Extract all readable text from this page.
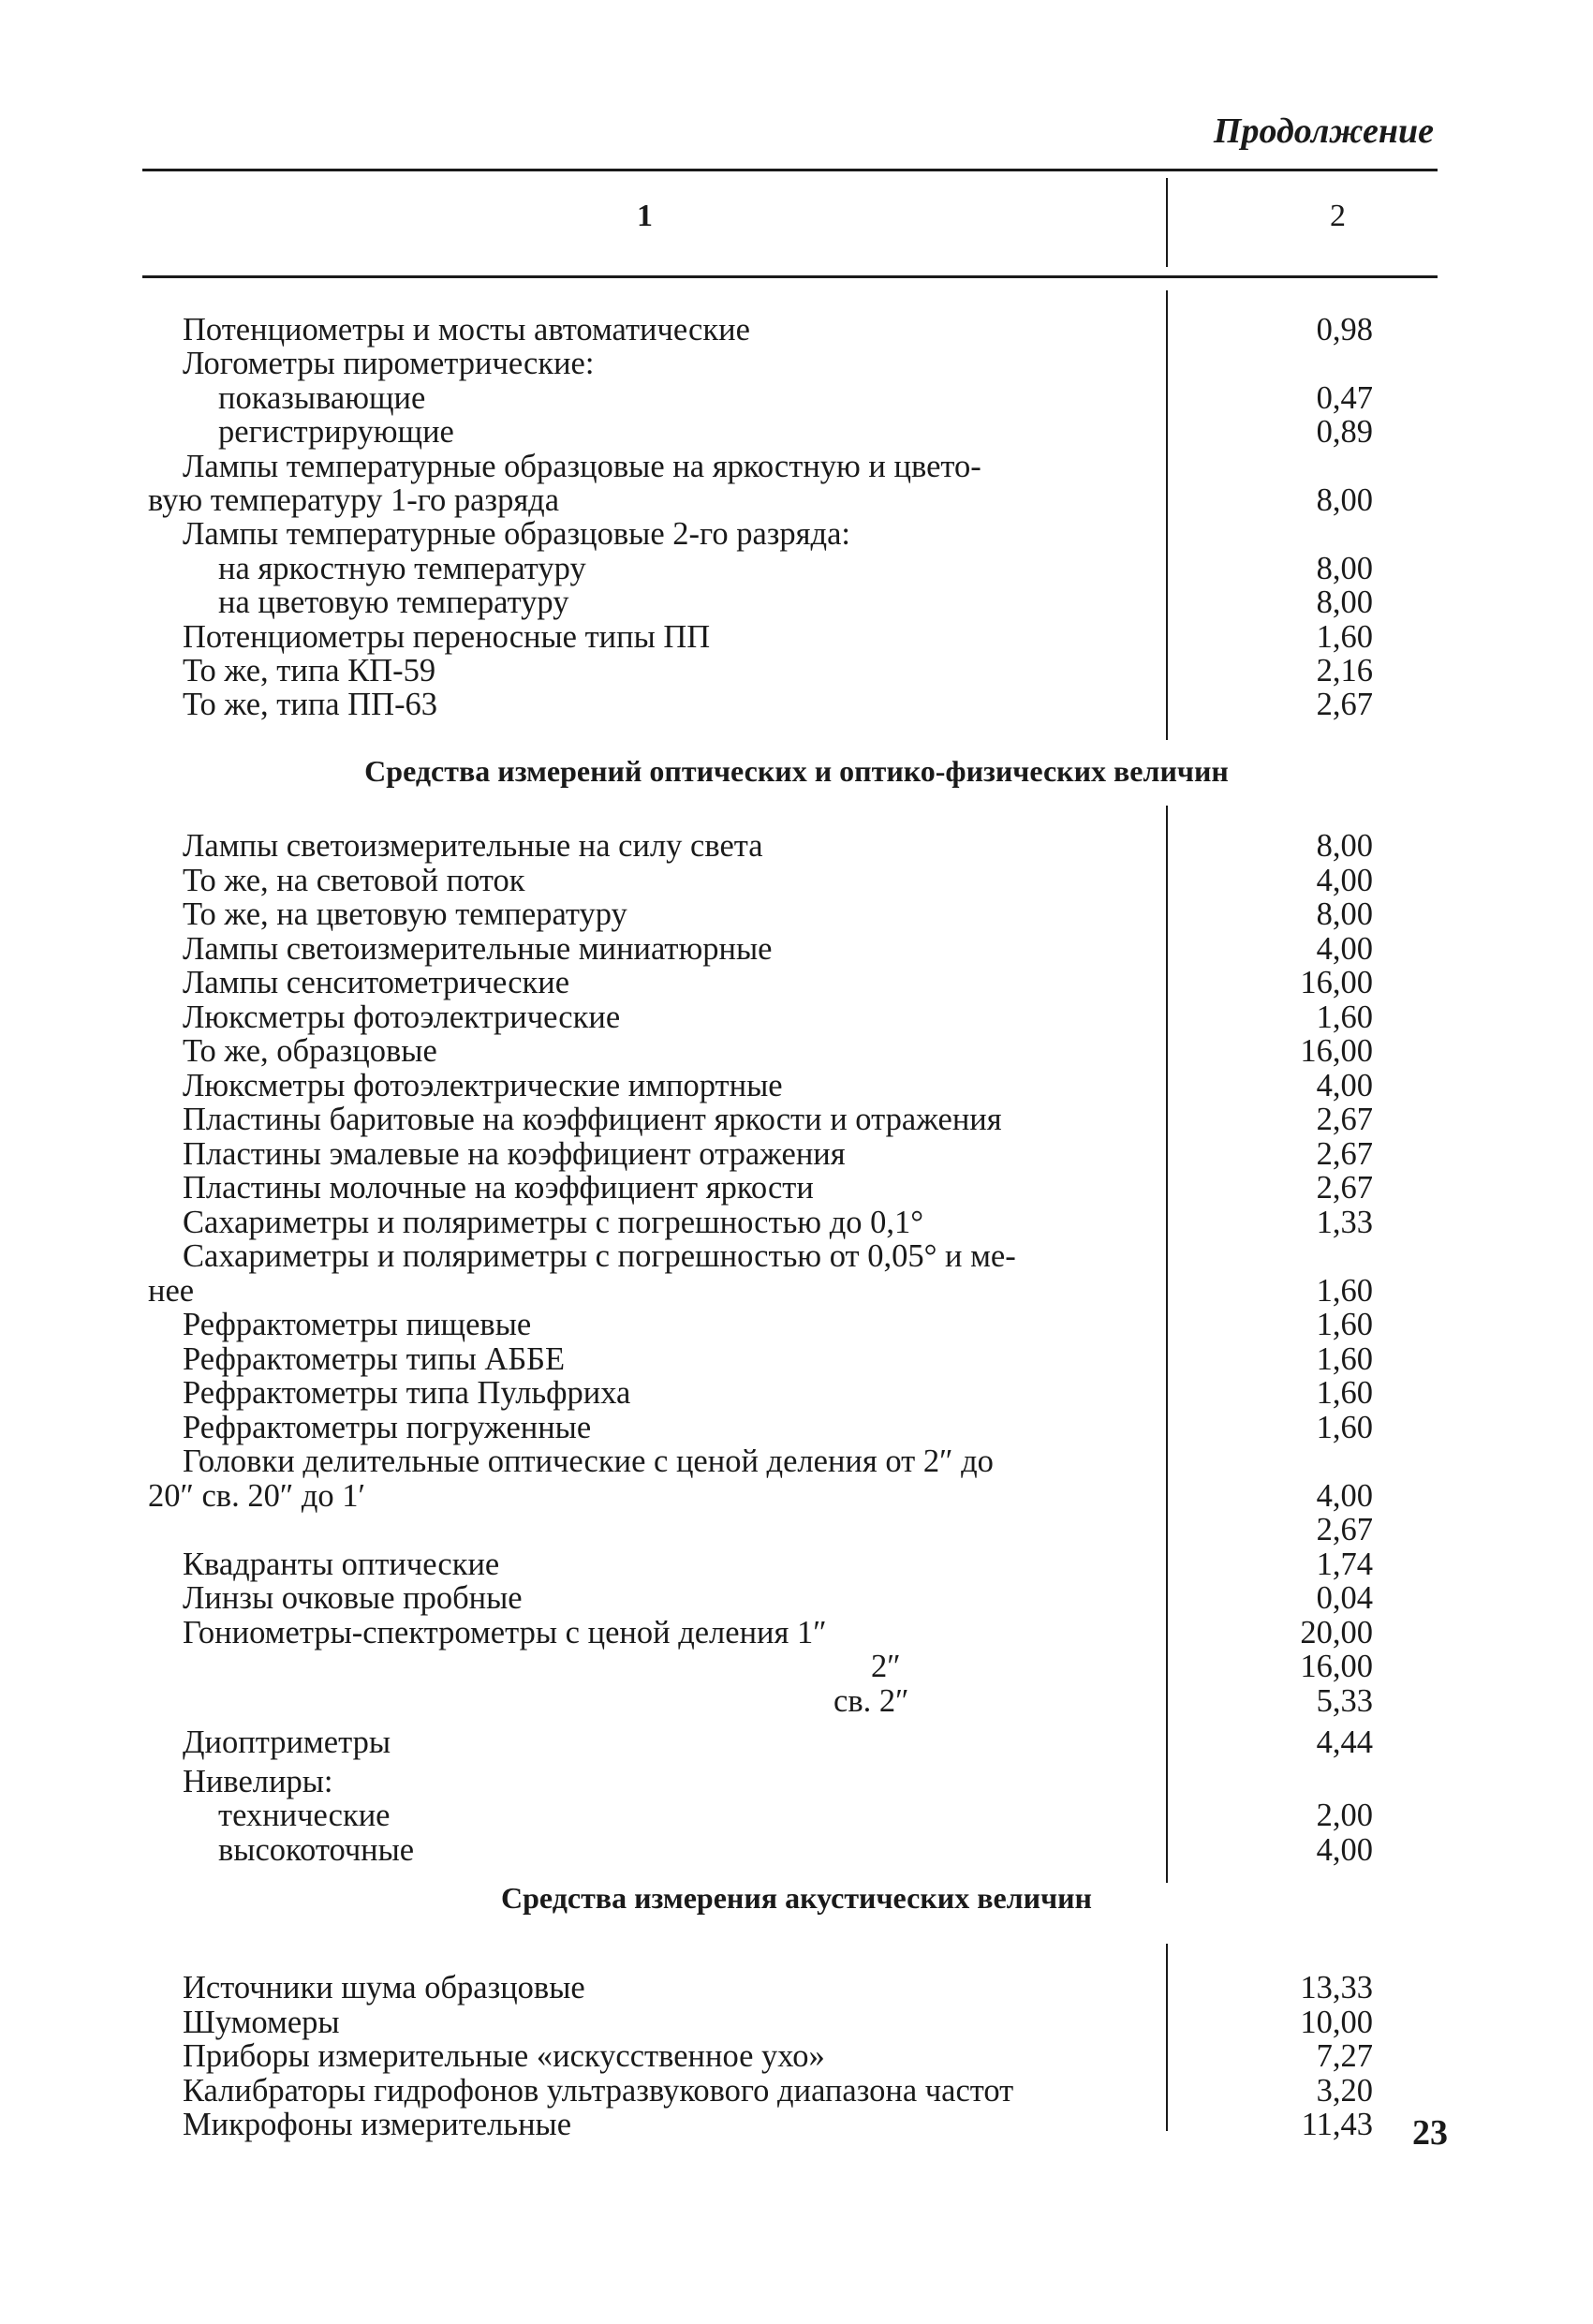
Продолжение
1	2
Средства измерений оптических и оптико-физических величин
Средства измерения акустических величин
Потенциометры и мосты автоматические	0,98
Логометры пирометрические:
показывающие	0,47
регистрирующие	0,89
Лампы температурные образцовые на яркостную и цвето-
вую температуру 1-го разряда	8,00
Лампы температурные образцовые 2-го разряда:
на яркостную температуру	8,00
на цветовую температуру	8,00
Потенциометры переносные типы ПП	1,60
То же, типа КП-59	2,16
То же, типа ПП-63	2,67
Лампы светоизмерительные на силу света	8,00
То же, на световой поток	4,00
То же, на цветовую температуру	8,00
Лампы светоизмерительные миниатюрные	4,00
Лампы сенситометрические	16,00
Люксметры фотоэлектрические	1,60
То же, образцовые	16,00
Люксметры фотоэлектрические импортные	4,00
Пластины баритовые на коэффициент яркости и отражения	2,67
Пластины эмалевые на коэффициент отражения	2,67
Пластины молочные на коэффициент яркости	2,67
Сахариметры и поляриметры с погрешностью до 0,1°	1,33
Сахариметры и поляриметры с погрешностью от 0,05° и ме-
нее	1,60
Рефрактометры пищевые	1,60
Рефрактометры типы АББЕ	1,60
Рефрактометры типа Пульфриха	1,60
Рефрактометры погруженные	1,60
Головки делительные оптические с ценой деления от 2″ до
20″ св. 20″ до 1′	4,00
2,67
Квадранты оптические	1,74
Линзы очковые пробные	0,04
Гониометры-спектрометры с ценой деления 1″	20,00
2″	16,00
св. 2″	5,33
Диоптриметры	4,44
Нивелиры:
технические	2,00
высокоточные	4,00
Источники шума образцовые	13,33
Шумомеры	10,00
Приборы измерительные «искусственное ухо»	7,27
Калибраторы гидрофонов ультразвукового диапазона частот	3,20
Микрофоны измерительные	11,43 23
